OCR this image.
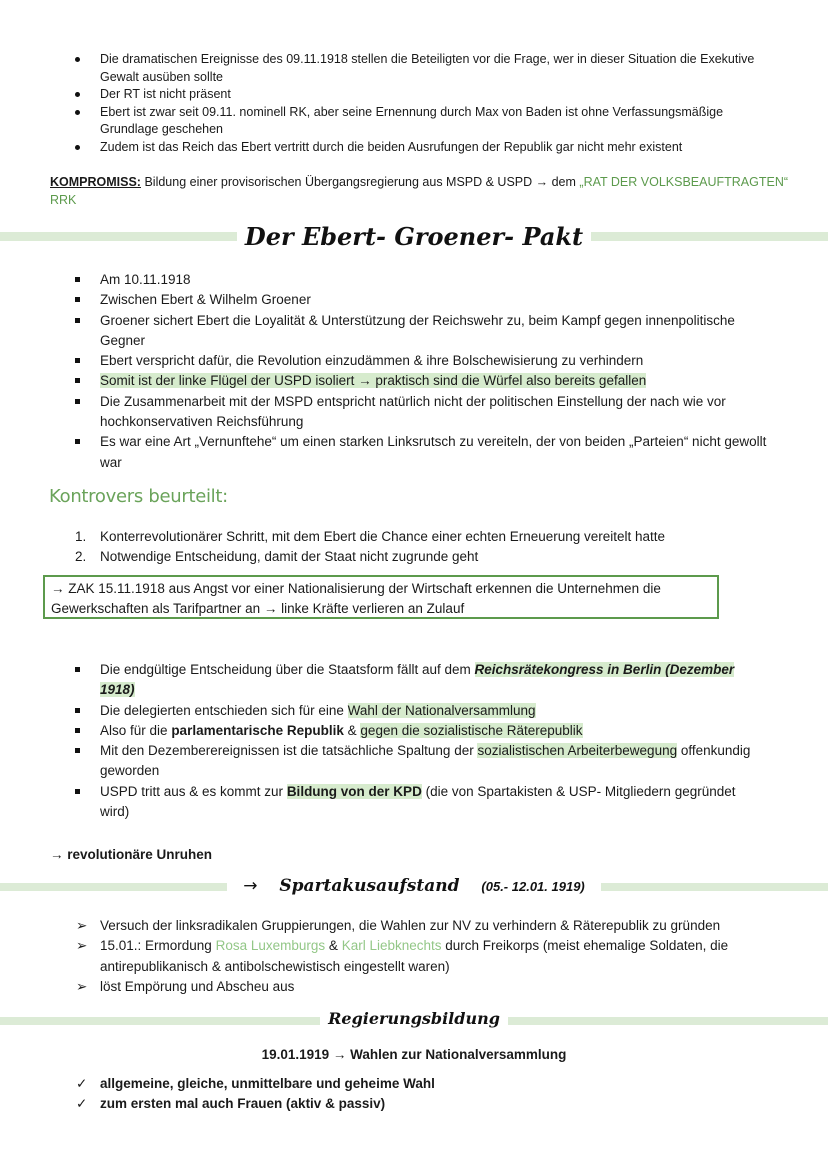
Die dramatischen Ereignisse des 09.11.1918 stellen die Beteiligten vor die Frage, wer in dieser Situation die Exekutive Gewalt ausüben sollte
Der RT ist nicht präsent
Ebert ist zwar seit 09.11. nominell RK, aber seine Ernennung durch Max von Baden ist ohne Verfassungsmäßige Grundlage geschehen
Zudem ist das Reich das Ebert vertritt durch die beiden Ausrufungen der Republik gar nicht mehr existent
KOMPROMISS: Bildung einer provisorischen Übergangsregierung aus MSPD & USPD → dem „RAT DER VOLKSBEAUFTRAGTEN“
RRK
Der Ebert- Groener- Pakt
Am 10.11.1918
Zwischen Ebert & Wilhelm Groener
Groener sichert Ebert die Loyalität & Unterstützung der Reichswehr zu, beim Kampf gegen innenpolitische Gegner
Ebert verspricht dafür, die Revolution einzudämmen & ihre Bolschewisierung zu verhindern
Somit ist der linke Flügel der USPD isoliert → praktisch sind die Würfel also bereits gefallen
Die Zusammenarbeit mit der MSPD entspricht natürlich nicht der politischen Einstellung der nach wie vor hochkonservativen Reichsführung
Es war eine Art „Vernunftehe“ um einen starken Linksrutsch zu vereiteln, der von beiden „Parteien“ nicht gewollt war
Kontrovers beurteilt:
1. Konterrevolutionärer Schritt, mit dem Ebert die Chance einer echten Erneuerung vereitelt hatte
2. Notwendige Entscheidung, damit der Staat nicht zugrunde geht
→ ZAK 15.11.1918 aus Angst vor einer Nationalisierung der Wirtschaft erkennen die Unternehmen die Gewerkschaften als Tarifpartner an → linke Kräfte verlieren an Zulauf
Die endgültige Entscheidung über die Staatsform fällt auf dem Reichsrätekongress in Berlin (Dezember 1918)
Die delegierten entschieden sich für eine Wahl der Nationalversammlung
Also für die parlamentarische Republik & gegen die sozialistische Räterepublik
Mit den Dezemberereignissen ist die tatsächliche Spaltung der sozialistischen Arbeiterbewegung offenkundig geworden
USPD tritt aus & es kommt zur Bildung von der KPD (die von Spartakisten & USP- Mitgliedern gegründet wird)
→ revolutionäre Unruhen
→ Spartakusaufstand (05.- 12.01. 1919)
➢ Versuch der linksradikalen Gruppierungen, die Wahlen zur NV zu verhindern & Räterepublik zu gründen
➢ 15.01.: Ermordung Rosa Luxemburgs & Karl Liebknechts durch Freikorps (meist ehemalige Soldaten, die antirepublikanisch & antibolschewistisch eingestellt waren)
➢ löst Empörung und Abscheu aus
Regierungsbildung
19.01.1919 → Wahlen zur Nationalversammlung
✓ allgemeine, gleiche, unmittelbare und geheime Wahl
✓ zum ersten mal auch Frauen (aktiv & passiv)
